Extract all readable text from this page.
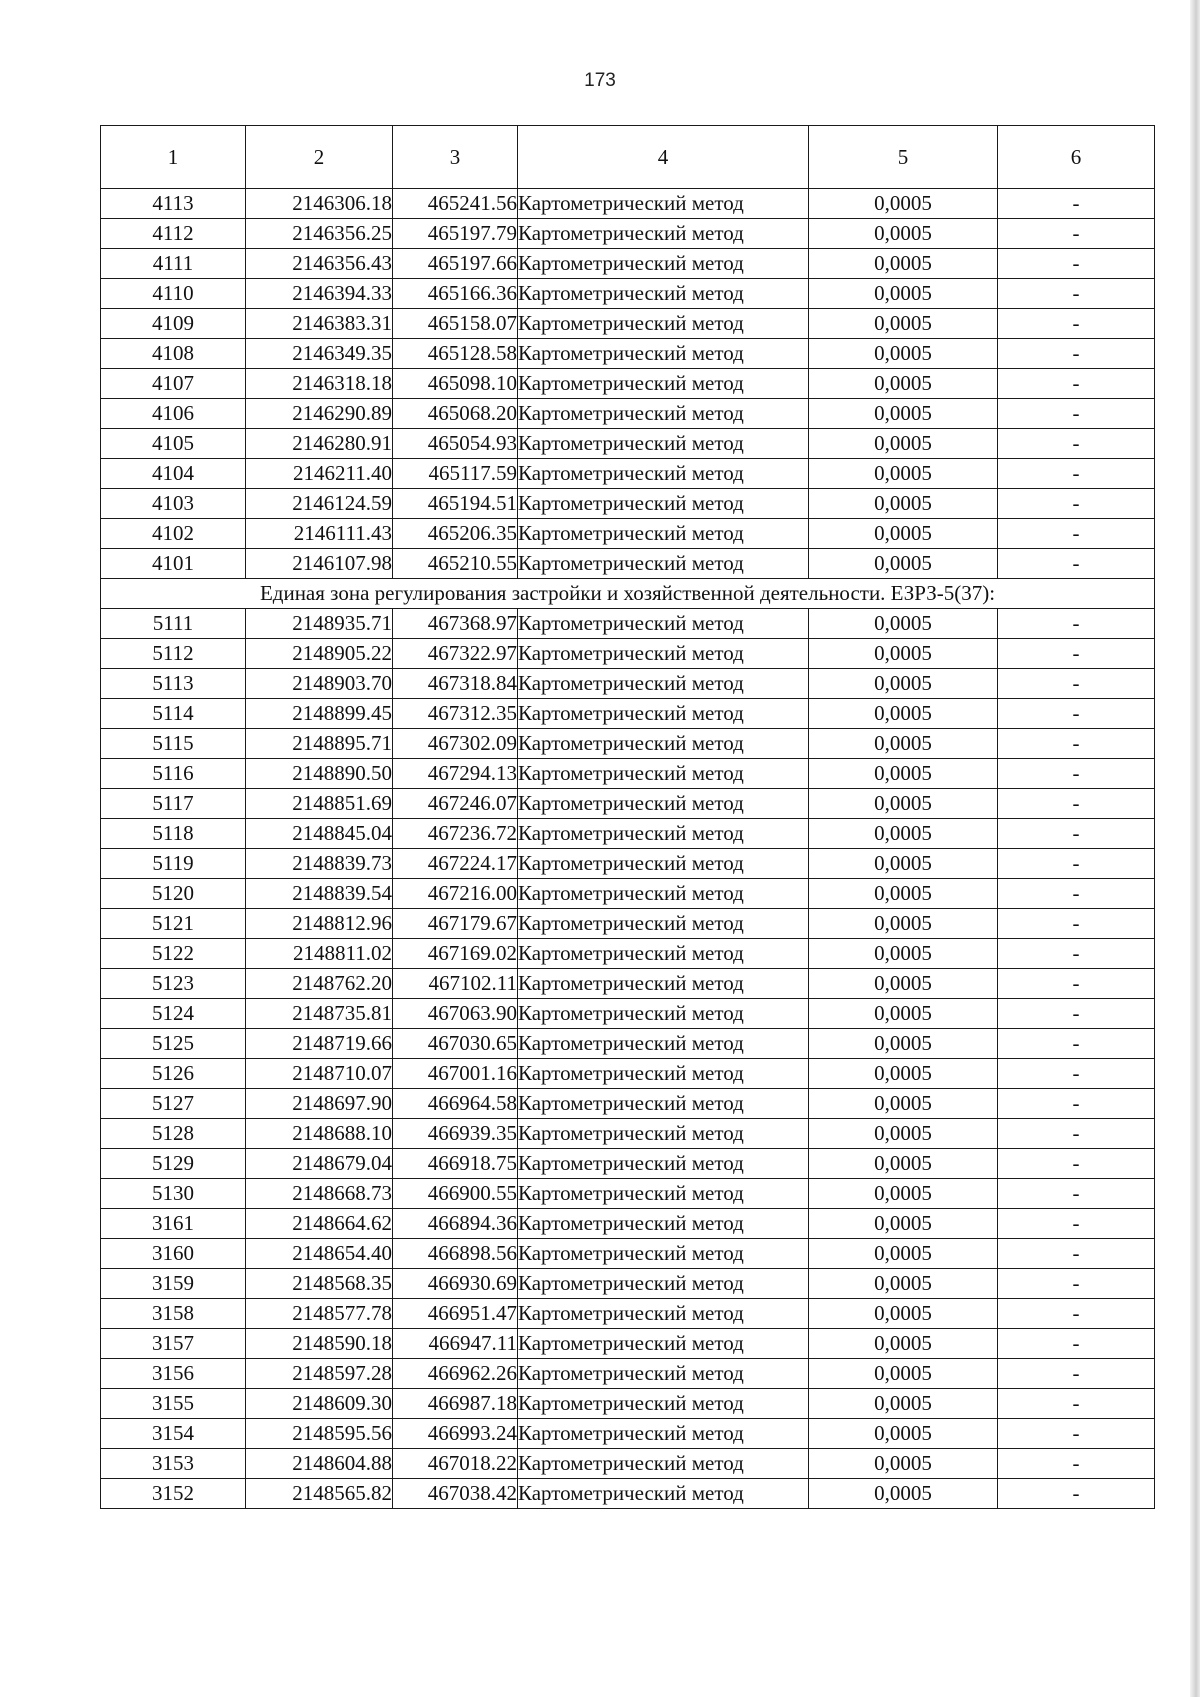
173
1	2	3	4	5	6
4113	2146306.18	465241.56	Картометрический метод	0,0005	-
4112	2146356.25	465197.79	Картометрический метод	0,0005	-
4111	2146356.43	465197.66	Картометрический метод	0,0005	-
4110	2146394.33	465166.36	Картометрический метод	0,0005	-
4109	2146383.31	465158.07	Картометрический метод	0,0005	-
4108	2146349.35	465128.58	Картометрический метод	0,0005	-
4107	2146318.18	465098.10	Картометрический метод	0,0005	-
4106	2146290.89	465068.20	Картометрический метод	0,0005	-
4105	2146280.91	465054.93	Картометрический метод	0,0005	-
4104	2146211.40	465117.59	Картометрический метод	0,0005	-
4103	2146124.59	465194.51	Картометрический метод	0,0005	-
4102	2146111.43	465206.35	Картометрический метод	0,0005	-
4101	2146107.98	465210.55	Картометрический метод	0,0005	-
Единая зона регулирования застройки и хозяйственной деятельности. ЕЗРЗ-5(37):					
5111	2148935.71	467368.97	Картометрический метод	0,0005	-
5112	2148905.22	467322.97	Картометрический метод	0,0005	-
5113	2148903.70	467318.84	Картометрический метод	0,0005	-
5114	2148899.45	467312.35	Картометрический метод	0,0005	-
5115	2148895.71	467302.09	Картометрический метод	0,0005	-
5116	2148890.50	467294.13	Картометрический метод	0,0005	-
5117	2148851.69	467246.07	Картометрический метод	0,0005	-
5118	2148845.04	467236.72	Картометрический метод	0,0005	-
5119	2148839.73	467224.17	Картометрический метод	0,0005	-
5120	2148839.54	467216.00	Картометрический метод	0,0005	-
5121	2148812.96	467179.67	Картометрический метод	0,0005	-
5122	2148811.02	467169.02	Картометрический метод	0,0005	-
5123	2148762.20	467102.11	Картометрический метод	0,0005	-
5124	2148735.81	467063.90	Картометрический метод	0,0005	-
5125	2148719.66	467030.65	Картометрический метод	0,0005	-
5126	2148710.07	467001.16	Картометрический метод	0,0005	-
5127	2148697.90	466964.58	Картометрический метод	0,0005	-
5128	2148688.10	466939.35	Картометрический метод	0,0005	-
5129	2148679.04	466918.75	Картометрический метод	0,0005	-
5130	2148668.73	466900.55	Картометрический метод	0,0005	-
3161	2148664.62	466894.36	Картометрический метод	0,0005	-
3160	2148654.40	466898.56	Картометрический метод	0,0005	-
3159	2148568.35	466930.69	Картометрический метод	0,0005	-
3158	2148577.78	466951.47	Картометрический метод	0,0005	-
3157	2148590.18	466947.11	Картометрический метод	0,0005	-
3156	2148597.28	466962.26	Картометрический метод	0,0005	-
3155	2148609.30	466987.18	Картометрический метод	0,0005	-
3154	2148595.56	466993.24	Картометрический метод	0,0005	-
3153	2148604.88	467018.22	Картометрический метод	0,0005	-
3152	2148565.82	467038.42	Картометрический метод	0,0005	-
